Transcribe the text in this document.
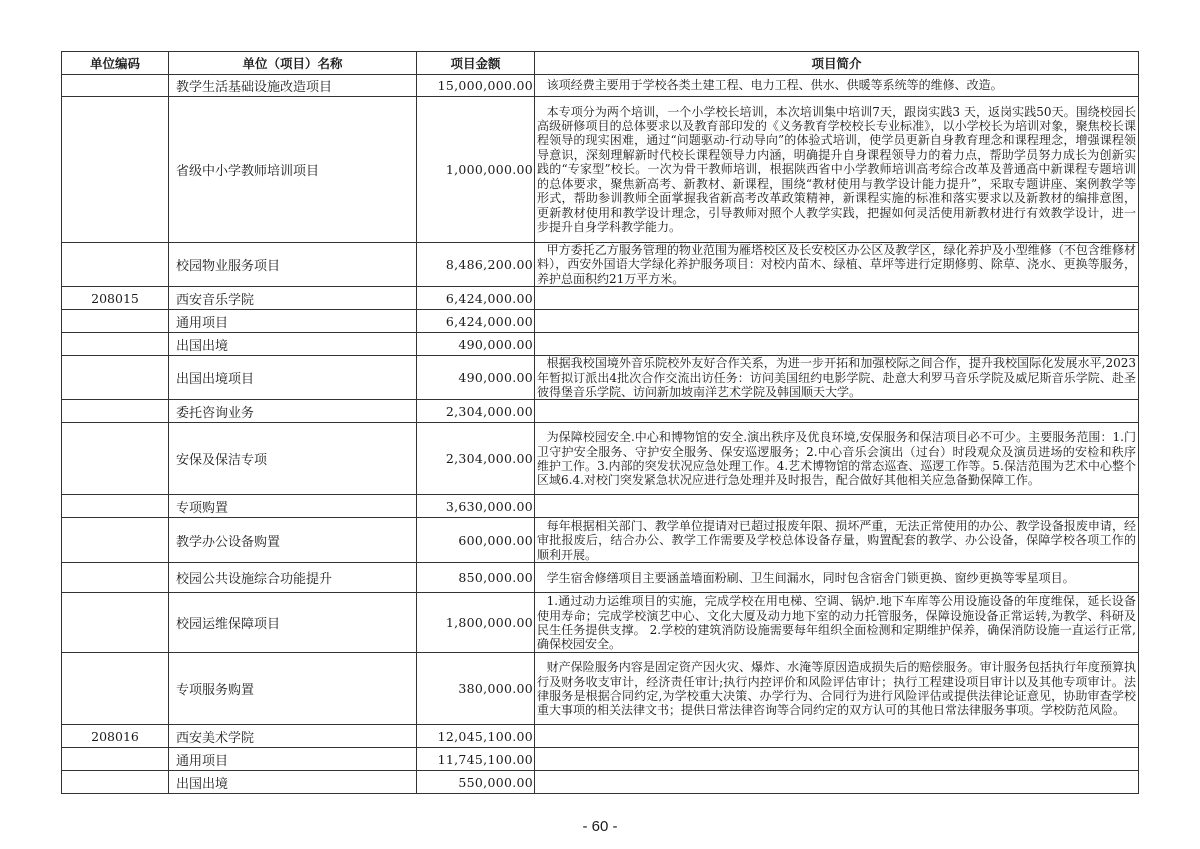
单位编码	单位（项目）名称	项目金额	项目简介
	教学生活基础设施改造项目	15,000,000.00	该项经费主要用于学校各类土建工程、电力工程、供水、供暖等系统等的维修、改造。

	省级中小学教师培训项目	1,000,000.00	本专项分为两个培训，一个小学校长培训，本次培训集中培训7天，跟岗实践3 天，返岗实践50天。围绕校园长高级研修项目的总体要求以及教育部印发的《义务教育学校校长专业标准》，以小学校长为培训对象，聚焦校长课程领导的现实困难，通过“问题驱动-行动导向”的体验式培训，使学员更新自身教育理念和课程理念，增强课程领导意识，深刻理解新时代校长课程领导力内涵，明确提升自身课程领导力的着力点，帮助学员努力成长为创新实践的“专家型”校长。一次为骨干教师培训，根据陕西省中小学教师培训高考综合改革及普通高中新课程专题培训的总体要求，聚焦新高考、新教材、新课程，围绕“教材使用与教学设计能力提升”，采取专题讲座、案例教学等形式，帮助参训教师全面掌握我省新高考改革政策精神，新课程实施的标准和落实要求以及新教材的编排意图，更新教材使用和教学设计理念，引导教师对照个人教学实践，把握如何灵活使用新教材进行有效教学设计，进一步提升自身学科教学能力。

	校园物业服务项目	8,486,200.00	甲方委托乙方服务管理的物业范围为雁塔校区及长安校区办公区及教学区，绿化养护及小型维修（不包含维修材料），西安外国语大学绿化养护服务项目：对校内苗木、绿植、草坪等进行定期修剪、除草、浇水、更换等服务，养护总面积约21万平方米。

208015	西安音乐学院	6,424,000.00	

	通用项目	6,424,000.00	

	出国出境	490,000.00	

	出国出境项目	490,000.00	根据我校国境外音乐院校外友好合作关系，为进一步开拓和加强校际之间合作，提升我校国际化发展水平,2023年暂拟订派出4批次合作交流出访任务：访问美国纽约电影学院、赴意大利罗马音乐学院及威尼斯音乐学院、赴圣彼得堡音乐学院、访问新加坡南洋艺术学院及韩国顺天大学。

	委托咨询业务	2,304,000.00	

	安保及保洁专项	2,304,000.00	为保障校园安全.中心和博物馆的安全.演出秩序及优良环境,安保服务和保洁项目必不可少。主要服务范围：1.门卫守护安全服务、守护安全服务、保安巡逻服务；2.中心音乐会演出（过台）时段观众及演员进场的安检和秩序维护工作。3.内部的突发状况应急处理工作。4.艺术博物馆的常态巡查、巡逻工作等。5.保洁范围为艺术中心整个区域6.4.对校门突发紧急状况应进行急处理并及时报告，配合做好其他相关应急备勤保障工作。

	专项购置	3,630,000.00	

	教学办公设备购置	600,000.00	每年根据相关部门、教学单位提请对已超过报废年限、损坏严重，无法正常使用的办公、教学设备报废申请，经审批报废后，结合办公、教学工作需要及学校总体设备存量，购置配套的教学、办公设备，保障学校各项工作的顺利开展。

	校园公共设施综合功能提升	850,000.00	学生宿舍修缮项目主要涵盖墙面粉刷、卫生间漏水，同时包含宿舍门锁更换、窗纱更换等零星项目。

	校园运维保障项目	1,800,000.00	1.通过动力运维项目的实施，完成学校在用电梯、空调、锅炉.地下车库等公用设施设备的年度维保，延长设备使用寿命；完成学校演艺中心、文化大厦及动力地下室的动力托管服务，保障设施设备正常运转,为教学、科研及民生任务提供支撑。 2.学校的建筑消防设施需要每年组织全面检测和定期维护保养，确保消防设施一直运行正常,确保校园安全。

	专项服务购置	380,000.00	财产保险服务内容是固定资产因火灾、爆炸、水淹等原因造成损失后的赔偿服务。审计服务包括执行年度预算执行及财务收支审计，经济责任审计;执行内控评价和风险评估审计；执行工程建设项目审计以及其他专项审计。法律服务是根据合同约定,为学校重大决策、办学行为、合同行为进行风险评估或提供法律论证意见，协助审查学校重大事项的相关法律文书；提供日常法律咨询等合同约定的双方认可的其他日常法律服务事项。学校防范风险。

208016	西安美术学院	12,045,100.00	

	通用项目	11,745,100.00	

	出国出境	550,000.00	
- 60 -
